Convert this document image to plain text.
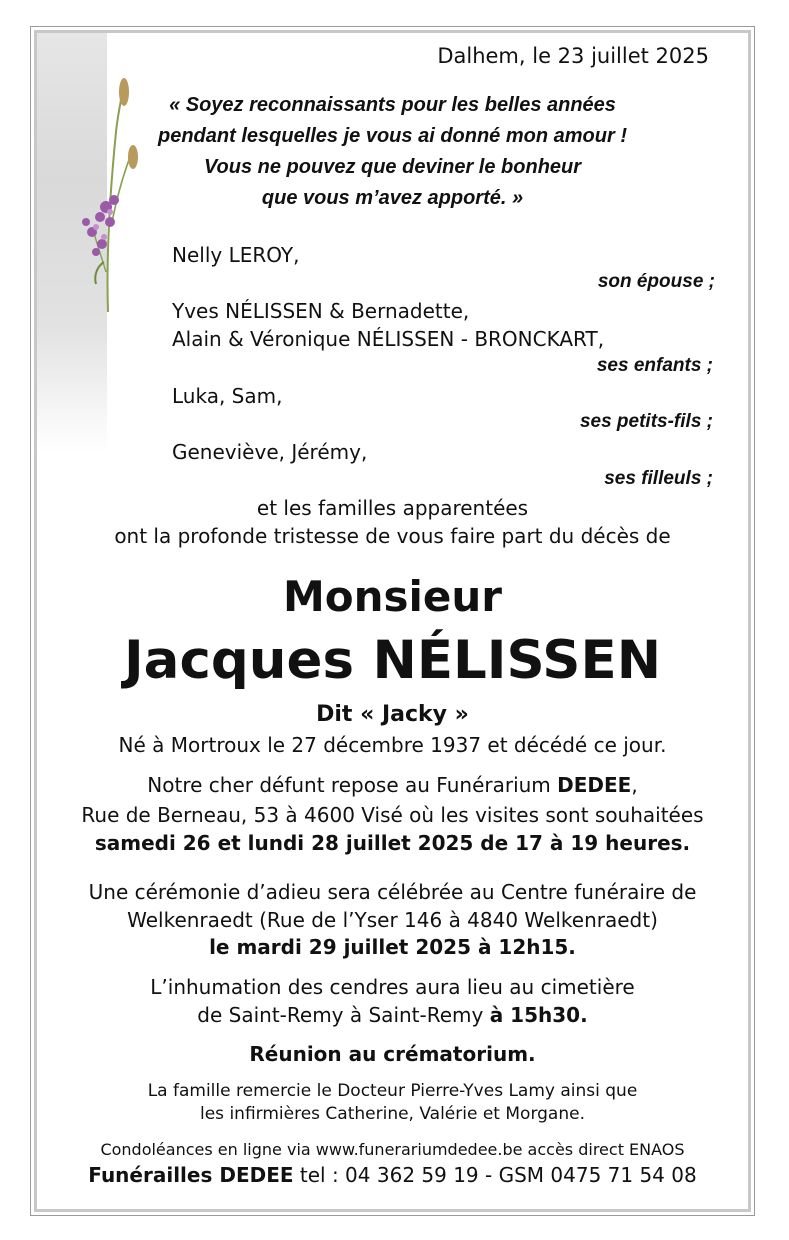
Dalhem, le 23 juillet 2025
« Soyez reconnaissants pour les belles années
pendant lesquelles je vous ai donné mon amour !
Vous ne pouvez que deviner le bonheur
que vous m’avez apporté. »
Nelly LEROY,
son épouse ;
Yves NÉLISSEN & Bernadette,
Alain & Véronique NÉLISSEN - BRONCKART,
ses enfants ;
Luka, Sam,
ses petits-fils ;
Geneviève, Jérémy,
ses filleuls ;
et les familles apparentées
ont la profonde tristesse de vous faire part du décès de
Monsieur
Jacques NÉLISSEN
Dit « Jacky »
Né à Mortroux le 27 décembre 1937 et décédé ce jour.
Notre cher défunt repose au Funérarium DEDEE,
Rue de Berneau, 53 à 4600 Visé où les visites sont souhaitées
samedi 26 et lundi 28 juillet 2025 de 17 à 19 heures.
Une cérémonie d’adieu sera célébrée au Centre funéraire de
Welkenraedt (Rue de l’Yser 146 à 4840 Welkenraedt)
le mardi 29 juillet 2025 à 12h15.
L’inhumation des cendres aura lieu au cimetière
de Saint-Remy à Saint-Remy à 15h30.
Réunion au crématorium.
La famille remercie le Docteur Pierre-Yves Lamy ainsi que
les infirmières Catherine, Valérie et Morgane.
Condoléances en ligne via www.funerariumdedee.be accès direct ENAOS
Funérailles DEDEE tel : 04 362 59 19 - GSM 0475 71 54 08
